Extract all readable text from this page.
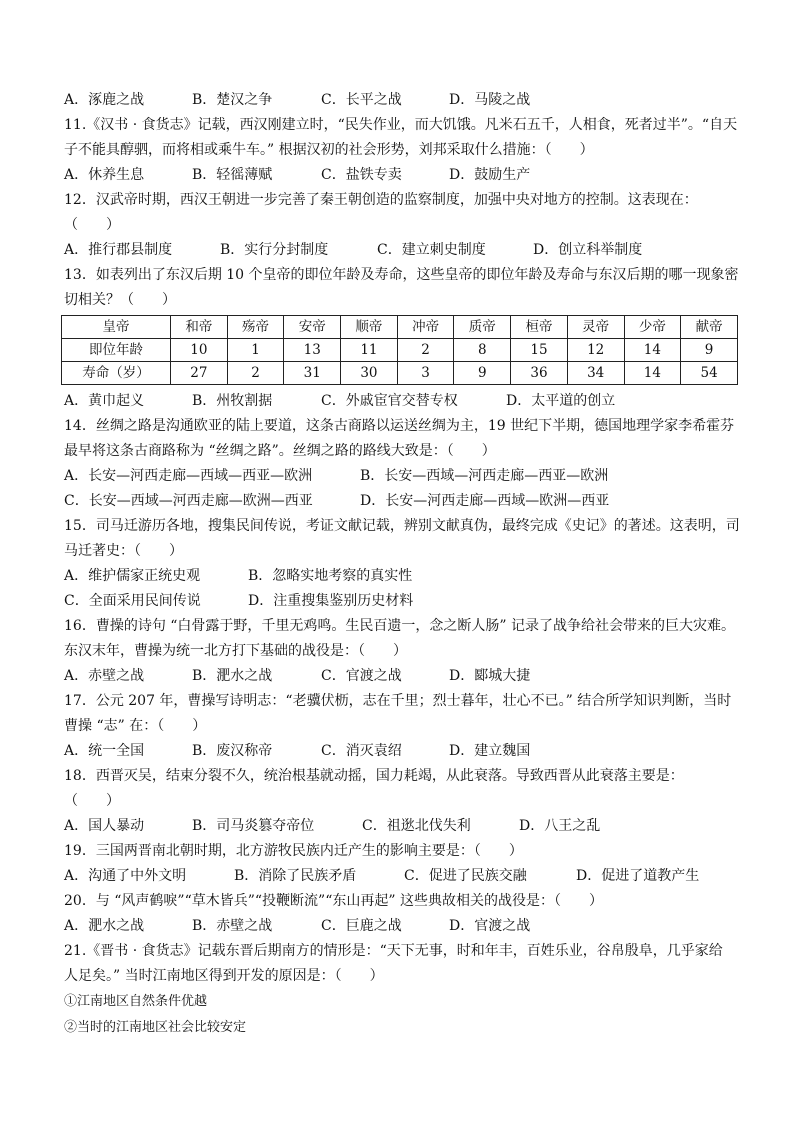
A．涿鹿之战	B．楚汉之争	C．长平之战	D．马陵之战
11.《汉书 · 食货志》记载，西汉刚建立时，“民失作业，而大饥饿。凡米石五千，人相食，死者过半”。“自天
子不能具醇驷，而将相或乘牛车。” 根据汉初的社会形势，刘邦采取什么措施：（　　）
A．休养生息	B．轻徭薄赋	C．盐铁专卖	D．鼓励生产
12．汉武帝时期，西汉王朝进一步完善了秦王朝创造的监察制度，加强中央对地方的控制。这表现在：
（　　）
A．推行郡县制度	B．实行分封制度	C．建立刺史制度	D．创立科举制度
13．如表列出了东汉后期 10 个皇帝的即位年龄及寿命，这些皇帝的即位年龄及寿命与东汉后期的哪一现象密
切相关？（　　）
皇帝	和帝	殇帝	安帝	顺帝	冲帝	质帝	桓帝	灵帝	少帝	献帝
即位年龄	10	1	13	11	2	8	15	12	14	9
寿命（岁）	27	2	31	30	3	9	36	34	14	54
A．黄巾起义	B．州牧割据	C．外戚宦官交替专权	D．太平道的创立
14．丝绸之路是沟通欧亚的陆上要道，这条古商路以运送丝绸为主，19 世纪下半期，德国地理学家李希霍芬
最早将这条古商路称为 “丝绸之路”。丝绸之路的路线大致是：（　　）
A．长安—河西走廊—西域—西亚—欧洲	B．长安—西域—河西走廊—西亚—欧洲
C．长安—西域—河西走廊—欧洲—西亚	D．长安—河西走廊—西域—欧洲—西亚
15．司马迁游历各地，搜集民间传说，考证文献记载，辨别文献真伪，最终完成《史记》的著述。这表明，司
马迁著史：（　　）
A．维护儒家正统史观	B．忽略实地考察的真实性
C．全面采用民间传说	D．注重搜集鉴别历史材料
16．曹操的诗句 “白骨露于野，千里无鸡鸣。生民百遗一，念之断人肠” 记录了战争给社会带来的巨大灾难。
东汉末年，曹操为统一北方打下基础的战役是：（　　）
A．赤壁之战	B．淝水之战	C．官渡之战	D．郾城大捷
17．公元 207 年，曹操写诗明志：“老骥伏枥，志在千里；烈士暮年，壮心不已。” 结合所学知识判断，当时
曹操 “志” 在：（　　）
A．统一全国	B．废汉称帝	C．消灭袁绍	D．建立魏国
18．西晋灭吴，结束分裂不久，统治根基就动摇，国力耗竭，从此衰落。导致西晋从此衰落主要是：
（　　）
A．国人暴动	B．司马炎篡夺帝位	C．祖逖北伐失利	D．八王之乱
19．三国两晋南北朝时期，北方游牧民族内迁产生的影响主要是：（　　）
A．沟通了中外文明	B．消除了民族矛盾	C．促进了民族交融	D．促进了道教产生
20．与 “风声鹤唳”“草木皆兵”“投鞭断流”“东山再起” 这些典故相关的战役是：（　　）
A．淝水之战	B．赤壁之战	C．巨鹿之战	D．官渡之战
21.《晋书 · 食货志》记载东晋后期南方的情形是：“天下无事，时和年丰，百姓乐业，谷帛殷阜，几乎家给
人足矣。” 当时江南地区得到开发的原因是：（　　）
①江南地区自然条件优越
②当时的江南地区社会比较安定
